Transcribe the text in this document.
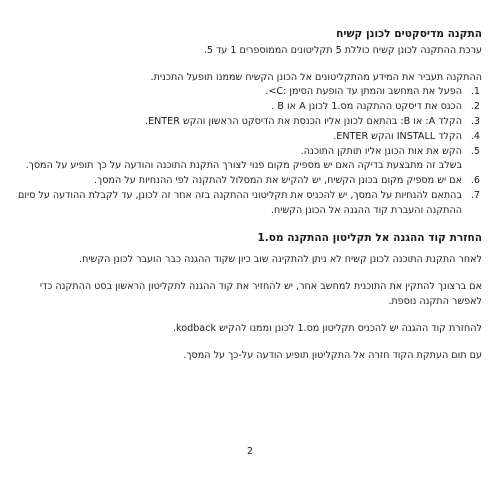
התקנה מדיסקטים לכונן קשיח

ערכת ההתקנה לכונן קשיח כוללת 5 תקליטונים הממוספרים 1 עד 5.

ההתקנה תעביר את המידע מהתקליטונים אל הכונן הקשיח שממנו תופעל התכנית.

1.
הפעל את המחשב והמתן עד הופעת הסימן :C>.
2.
הכנס את דיסקט ההתקנה מס.1 לכונן A או B .
3.
הקלד A: או B: בהתאם לכונן אליו הכנסת את הדיסקט הראשון והקש ENTER.
4.
הקלד INSTALL והקש ENTER.
5.
הקש את אות הכונן אליו תותקן התוכנה.

בשלב זה מתבצעת בדיקה האם יש מספיק מקום פנוי לצורך התקנת התוכנה והודעה על כך תופיע על המסך.

6.
אם יש מספיק מקום בכונן הקשיח, יש להקיש את המסלול להתקנה לפי ההנחיות על המסך.
7.
בהתאם להנחיות על המסך, יש להכניס את תקליטוני ההתקנה בזה אחר זה לכונן, עד לקבלת ההודעה על סיום ההתקנה והעברת קוד ההגנה אל הכונן הקשיח.
החזרת קוד ההגנה אל תקליטון ההתקנה מס.1

לאחר התקנת התוכנה לכונן קשיח לא ניתן להתקינה שוב כיון שקוד ההגנה כבר הועבר לכונן הקשיח.

אם ברצונך להתקין את התוכנית למחשב אחר, יש להחזיר את קוד ההגנה לתקליטון הראשון בסט ההתקנה כדי לאפשר התקנה נוספת.

להחזרת קוד ההגנה יש להכניס תקליטון מס.1 לכונן וממנו להקיש kodback.

עם תום העתקת הקוד חזרה אל התקליטון תופיע הודעה על-כך על המסך.

2
